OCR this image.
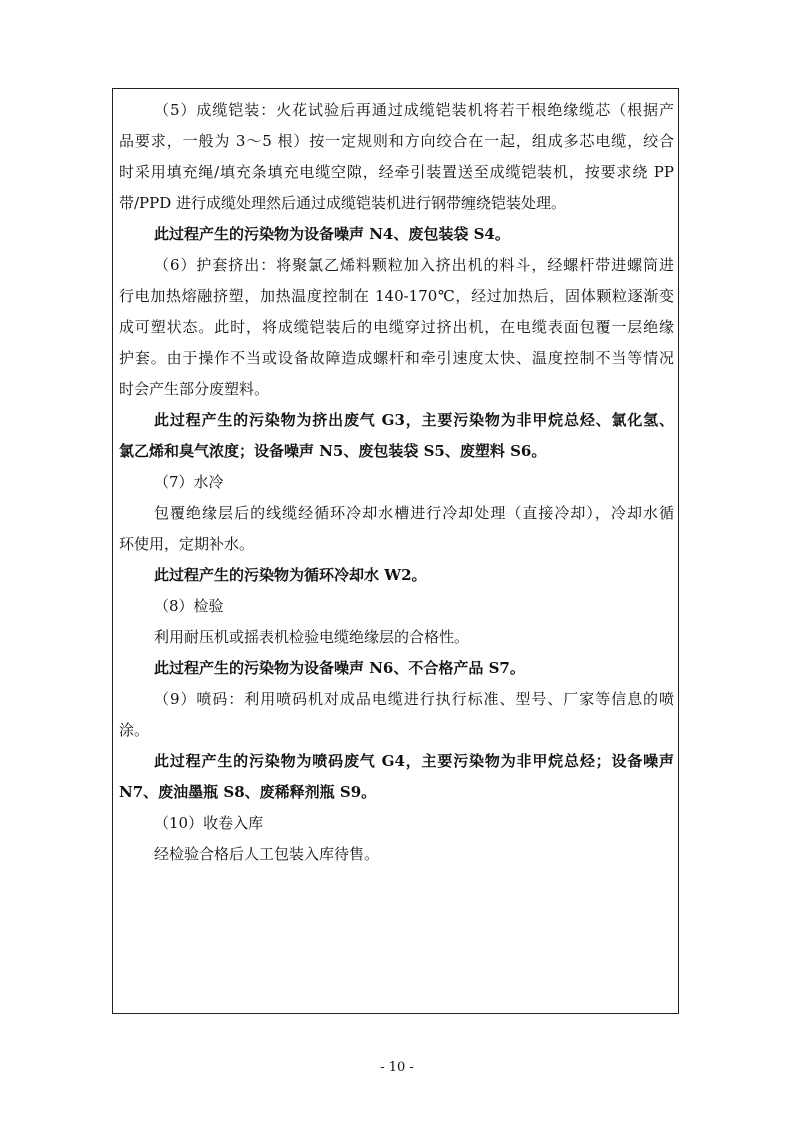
（5）成缆铠装：火花试验后再通过成缆铠装机将若干根绝缘缆芯（根据产
品要求，一般为 3～5 根）按一定规则和方向绞合在一起，组成多芯电缆，绞合
时采用填充绳/填充条填充电缆空隙，经牵引装置送至成缆铠装机，按要求绕 PP
带/PPD 进行成缆处理然后通过成缆铠装机进行钢带缠绕铠装处理。
此过程产生的污染物为设备噪声 N4、废包装袋 S4。
（6）护套挤出：将聚氯乙烯料颗粒加入挤出机的料斗，经螺杆带进螺筒进
行电加热熔融挤塑，加热温度控制在 140-170℃，经过加热后，固体颗粒逐渐变
成可塑状态。此时，将成缆铠装后的电缆穿过挤出机，在电缆表面包覆一层绝缘
护套。由于操作不当或设备故障造成螺杆和牵引速度太快、温度控制不当等情况
时会产生部分废塑料。
此过程产生的污染物为挤出废气 G3，主要污染物为非甲烷总烃、氯化氢、
氯乙烯和臭气浓度；设备噪声 N5、废包装袋 S5、废塑料 S6。
（7）水冷
包覆绝缘层后的线缆经循环冷却水槽进行冷却处理（直接冷却），冷却水循
环使用，定期补水。
此过程产生的污染物为循环冷却水 W2。
（8）检验
利用耐压机或摇表机检验电缆绝缘层的合格性。
此过程产生的污染物为设备噪声 N6、不合格产品 S7。
（9）喷码：利用喷码机对成品电缆进行执行标准、型号、厂家等信息的喷
涂。
此过程产生的污染物为喷码废气 G4，主要污染物为非甲烷总烃；设备噪声
N7、废油墨瓶 S8、废稀释剂瓶 S9。
（10）收卷入库
经检验合格后人工包装入库待售。
- 10 -
